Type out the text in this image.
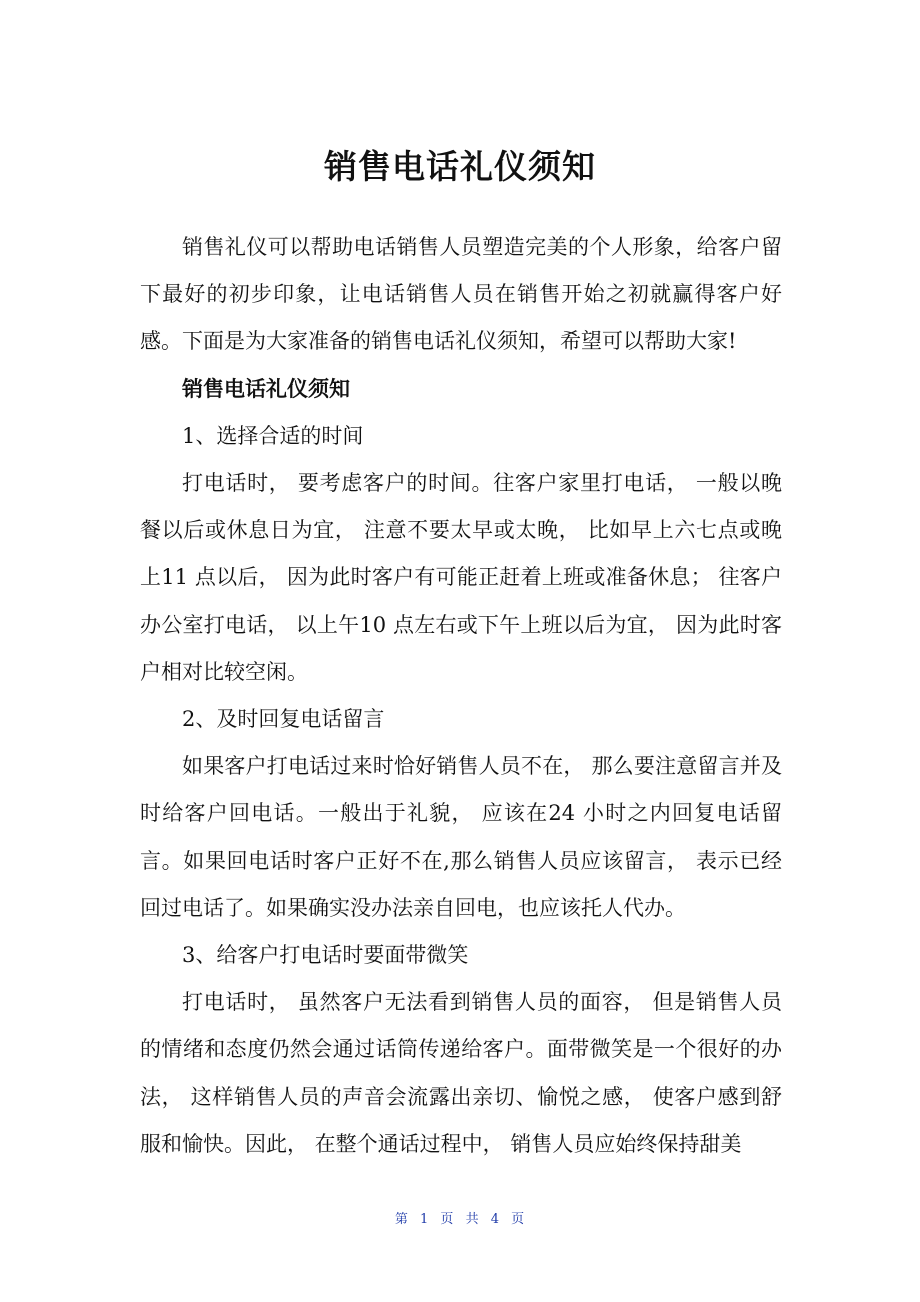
销售电话礼仪须知

销售礼仪可以帮助电话销售人员塑造完美的个人形象，给客户留下最好的初步印象，让电话销售人员在销售开始之初就赢得客户好感。下面是为大家准备的销售电话礼仪须知，希望可以帮助大家!

销售电话礼仪须知

1、选择合适的时间

打电话时， 要考虑客户的时间。往客户家里打电话， 一般以晚餐以后或休息日为宜， 注意不要太早或太晚， 比如早上六七点或晚上11 点以后， 因为此时客户有可能正赶着上班或准备休息； 往客户办公室打电话， 以上午10 点左右或下午上班以后为宜， 因为此时客户相对比较空闲。

2、及时回复电话留言

如果客户打电话过来时恰好销售人员不在， 那么要注意留言并及时给客户回电话。一般出于礼貌， 应该在24 小时之内回复电话留言。如果回电话时客户正好不在,那么销售人员应该留言， 表示已经回过电话了。如果确实没办法亲自回电，也应该托人代办。

3、给客户打电话时要面带微笑

打电话时， 虽然客户无法看到销售人员的面容， 但是销售人员的情绪和态度仍然会通过话筒传递给客户。面带微笑是一个很好的办法， 这样销售人员的声音会流露出亲切、愉悦之感， 使客户感到舒服和愉快。因此， 在整个通话过程中， 销售人员应始终保持甜美

第 1 页 共 4 页
